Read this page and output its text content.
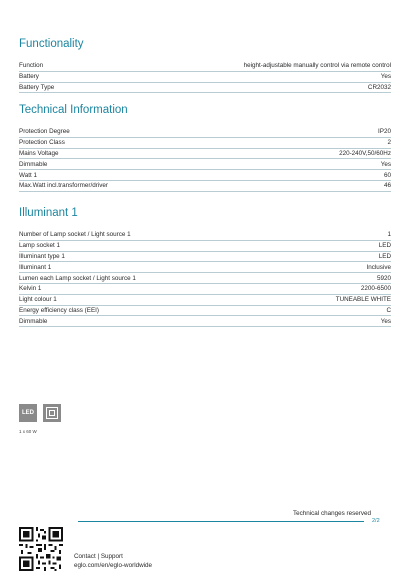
Functionality
Function	height-adjustable manually control via remote control
Battery	Yes
Battery Type	CR2032
Technical Information
Protection Degree	IP20
Protection Class	2
Mains Voltage	220-240V,50/60Hz
Dimmable	Yes
Watt 1	60
Max.Watt incl.transformer/driver	46
Illuminant 1
Number of Lamp socket / Light source 1	1
Lamp socket 1	LED
Illuminant type 1	LED
Illuminant 1	Inclusive
Lumen each Lamp socket / Light source 1	5920
Kelvin 1	2200-6500
Light colour 1	TUNEABLE WHITE
Energy efficiency class (EEI)	C
Dimmable	Yes
LED
1 x 60 W
Technical changes reserved
2/2
Contact | Support
eglo.com/en/eglo-worldwide
